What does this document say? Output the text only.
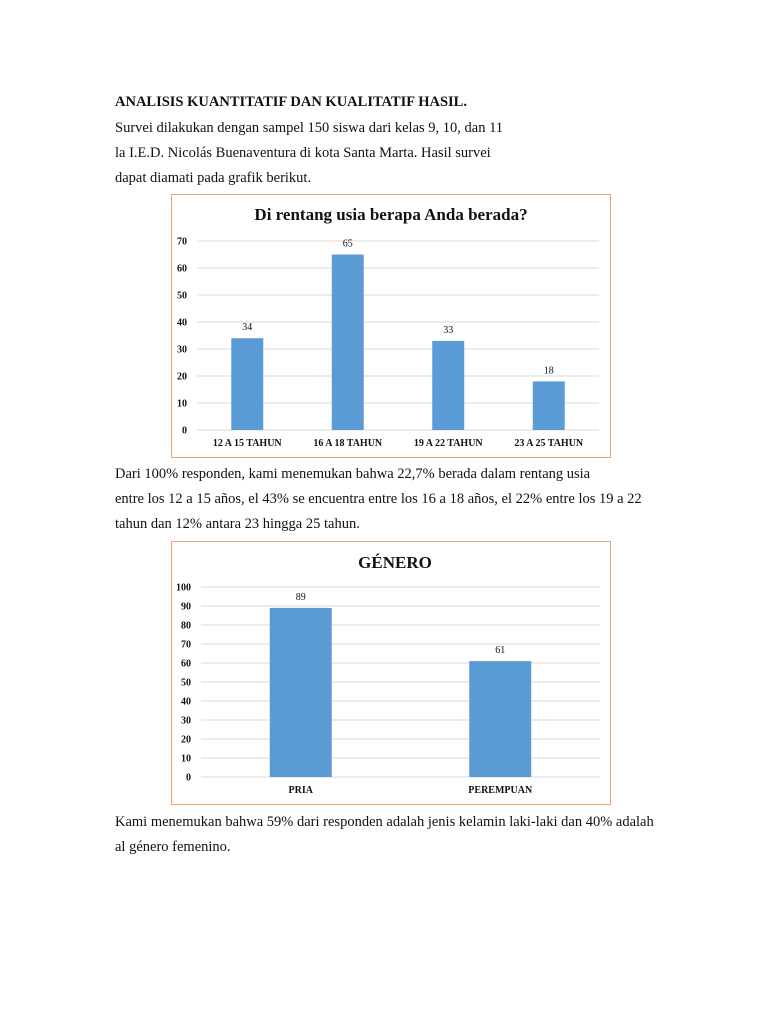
ANALISIS KUANTITATIF DAN KUALITATIF HASIL.
Survei dilakukan dengan sampel 150 siswa dari kelas 9, 10, dan 11
la I.E.D. Nicolás Buenaventura di kota Santa Marta. Hasil survei
dapat diamati pada grafik berikut.
Di rentang usia berapa Anda berada?
0
10
20
30
40
50
60
70
34
12 A 15 TAHUN
65
16 A 18 TAHUN
33
19 A 22 TAHUN
18
23 A 25 TAHUN
Dari 100% responden, kami menemukan bahwa 22,7% berada dalam rentang usia
entre los 12 a 15 años, el 43% se encuentra entre los 16 a 18 años, el 22% entre los 19 a 22
tahun dan 12% antara 23 hingga 25 tahun.
GÉNERO
0
10
20
30
40
50
60
70
80
90
100
89
PRIA
61
PEREMPUAN
Kami menemukan bahwa 59% dari responden adalah jenis kelamin laki-laki dan 40% adalah
al género femenino.
